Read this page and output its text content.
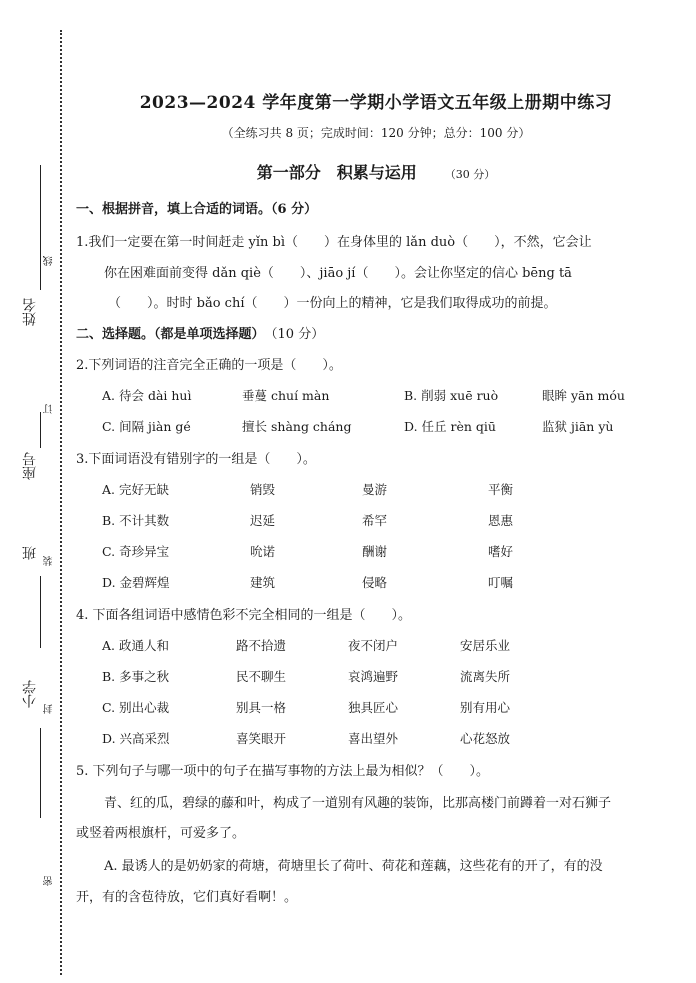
姓名
线
订
座号
班
装
小学
封
密
2023—2024 学年度第一学期小学语文五年级上册期中练习
（全练习共 8 页；完成时间：120 分钟；总分：100 分）
第一部分　积累与运用	（30 分）
一、根据拼音，填上合适的词语。（6 分）
1.我们一定要在第一时间赶走 yǐn bì（　　）在身体里的 lǎn duò（　　），不然，它会让
你在困难面前变得 dǎn qiè（　　）、jiāo jí（　　）。会让你坚定的信心 bēng tā
（　　）。时时 bǎo chí（　　）一份向上的精神，它是我们取得成功的前提。
二、选择题。（都是单项选择题）　 （10 分）
2.下列词语的注音完全正确的一项是（　　）。
A. 待会 dài huì	垂蔓 chuí màn	B. 削弱 xuē ruò	眼眸 yān móu
C. 间隔 jiàn gé	擅长 shàng cháng	D. 任丘 rèn qiū	监狱 jiān yù
3.下面词语没有错别字的一组是（　　）。
A. 完好无缺	销毁	曼游	平衡
B. 不计其数	迟延	希罕	恩惠
C. 奇珍异宝	吮诺	酬谢	嗜好
D. 金碧辉煌	建筑	侵略	叮嘱
4. 下面各组词语中感情色彩不完全相同的一组是（　　）。
A. 政通人和	路不拾遗	夜不闭户	安居乐业
B. 多事之秋	民不聊生	哀鸿遍野	流离失所
C. 别出心裁	别具一格	独具匠心	别有用心
D. 兴高采烈	喜笑眼开	喜出望外	心花怒放
5. 下列句子与哪一项中的句子在描写事物的方法上最为相似？（　　）。
青、红的瓜，碧绿的藤和叶，构成了一道别有风趣的装饰，比那高楼门前蹲着一对石狮子
或竖着两根旗杆，可爱多了。
A. 最诱人的是奶奶家的荷塘，荷塘里长了荷叶、荷花和莲藕，这些花有的开了，有的没
开，有的含苞待放，它们真好看啊！。
